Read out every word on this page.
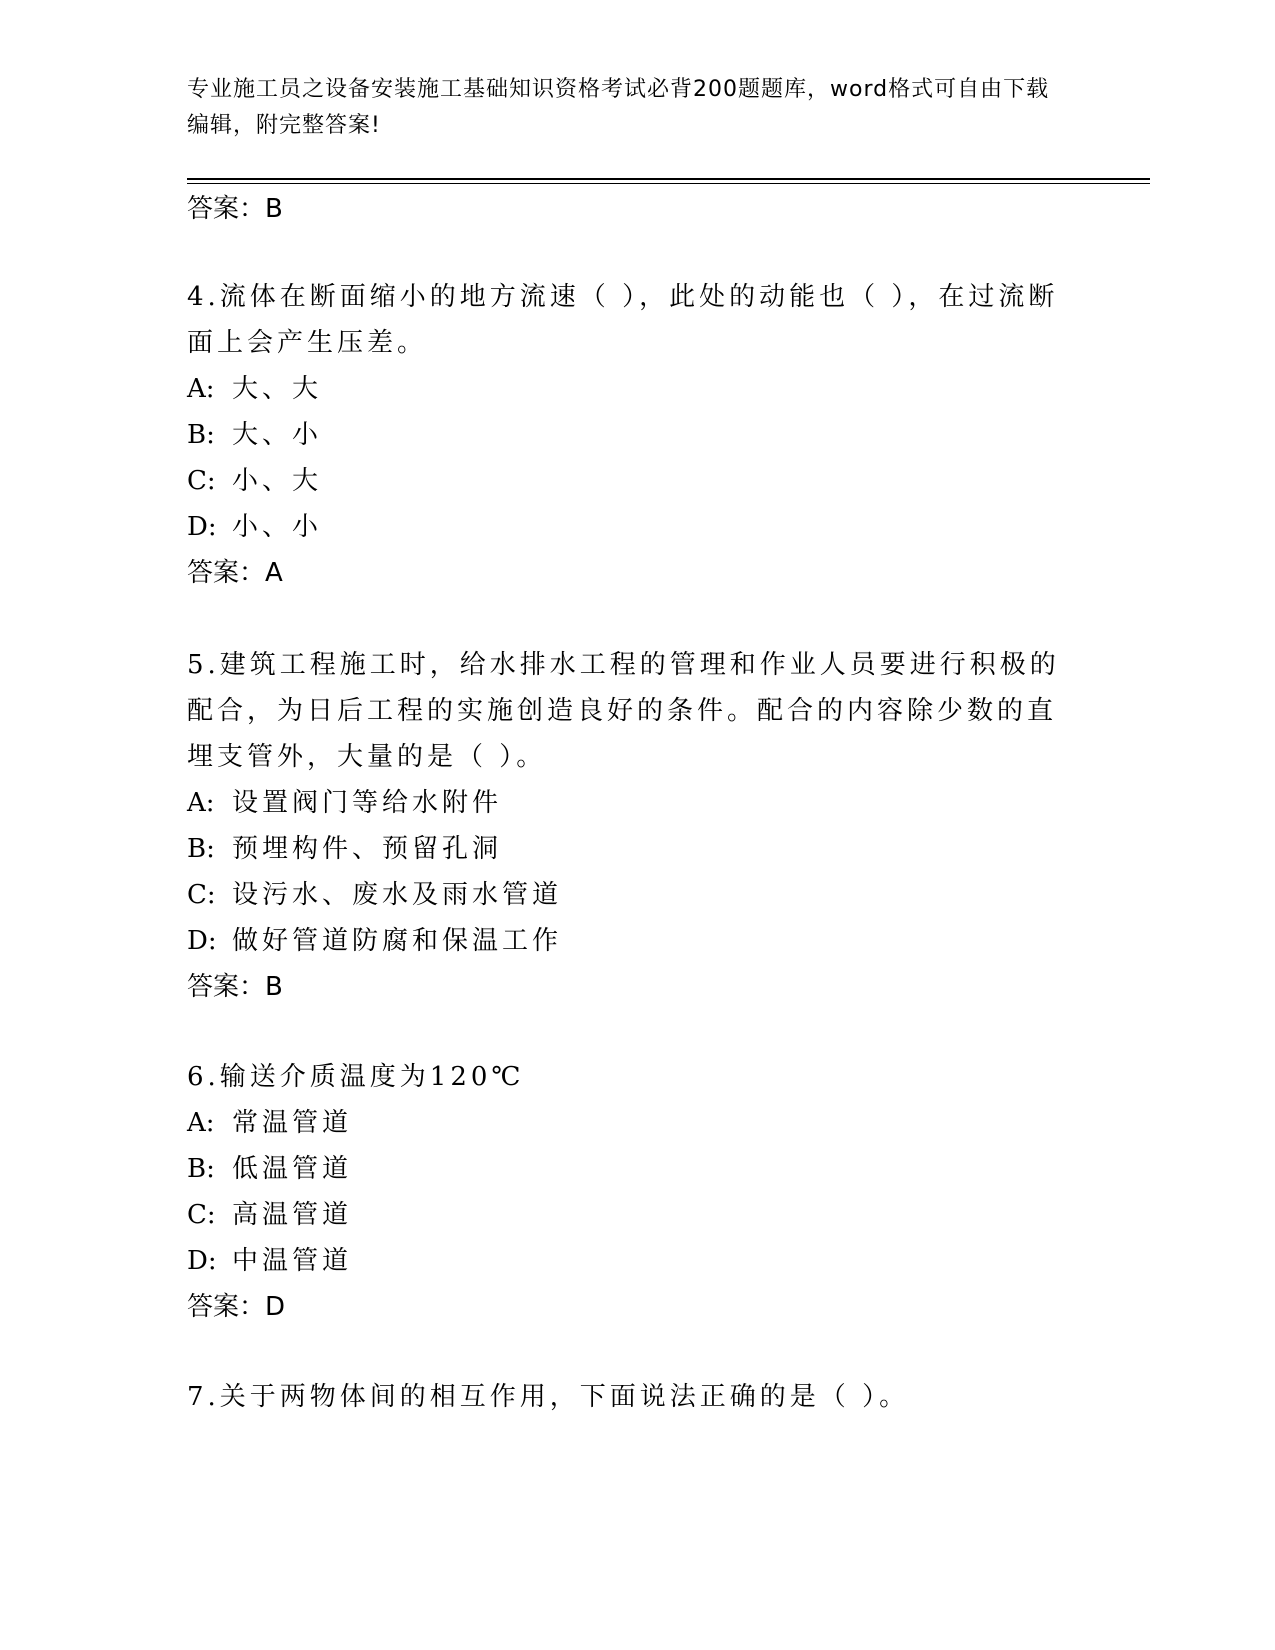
专业施工员之设备安装施工基础知识资格考试必背200题题库，word格式可自由下载编辑，附完整答案!
答案：B
4.流体在断面缩小的地方流速（ ），此处的动能也（ ），在过流断面上会产生压差。
A: 大、大
B: 大、小
C: 小、大
D: 小、小
答案：A
5.建筑工程施工时，给水排水工程的管理和作业人员要进行积极的配合，为日后工程的实施创造良好的条件。配合的内容除少数的直埋支管外，大量的是（ ）。
A: 设置阀门等给水附件
B: 预埋构件、预留孔洞
C: 设污水、废水及雨水管道
D: 做好管道防腐和保温工作
答案：B
6.输送介质温度为120℃
A: 常温管道
B: 低温管道
C: 高温管道
D: 中温管道
答案：D
7.关于两物体间的相互作用，下面说法正确的是（ ）。
